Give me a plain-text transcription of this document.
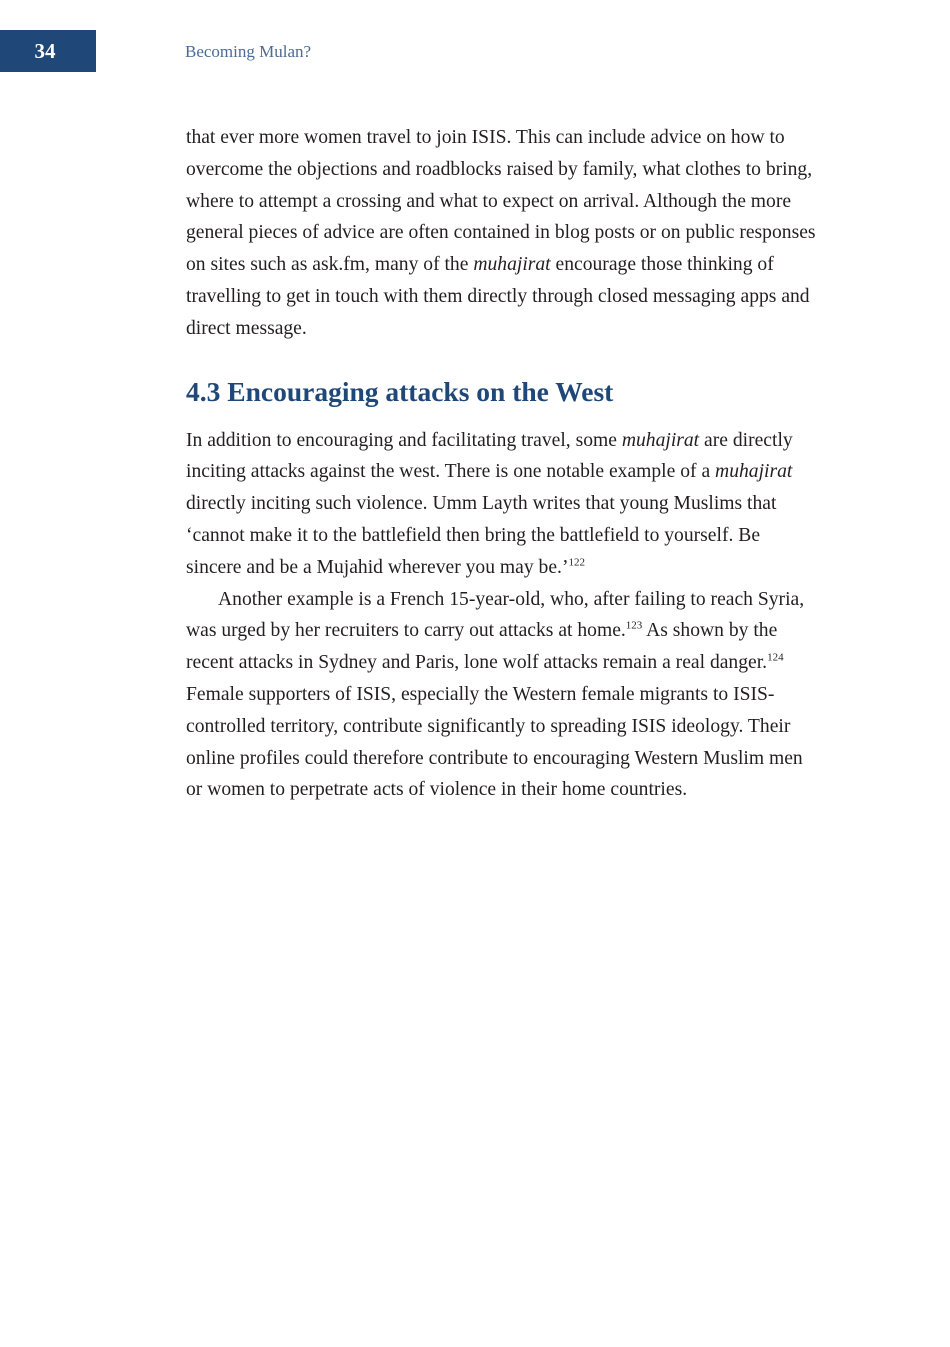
34	Becoming Mulan?

that ever more women travel to join ISIS. This can include advice on how to overcome the objections and roadblocks raised by family, what clothes to bring, where to attempt a crossing and what to expect on arrival. Although the more general pieces of advice are often contained in blog posts or on public responses on sites such as ask.fm, many of the muhajirat encourage those thinking of travelling to get in touch with them directly through closed messaging apps and direct message.

4.3 Encouraging attacks on the West

In addition to encouraging and facilitating travel, some muhajirat are directly inciting attacks against the west. There is one notable example of a muhajirat directly inciting such violence. Umm Layth writes that young Muslims that ‘cannot make it to the battlefield then bring the battlefield to yourself. Be sincere and be a Mujahid wherever you may be.’$^{122}$

Another example is a French 15-year-old, who, after failing to reach Syria, was urged by her recruiters to carry out attacks at home.$^{123}$ As shown by the recent attacks in Sydney and Paris, lone wolf attacks remain a real danger.$^{124}$ Female supporters of ISIS, especially the Western female migrants to ISIS-controlled territory, contribute significantly to spreading ISIS ideology. Their online profiles could therefore contribute to encouraging Western Muslim men or women to perpetrate acts of violence in their home countries.
